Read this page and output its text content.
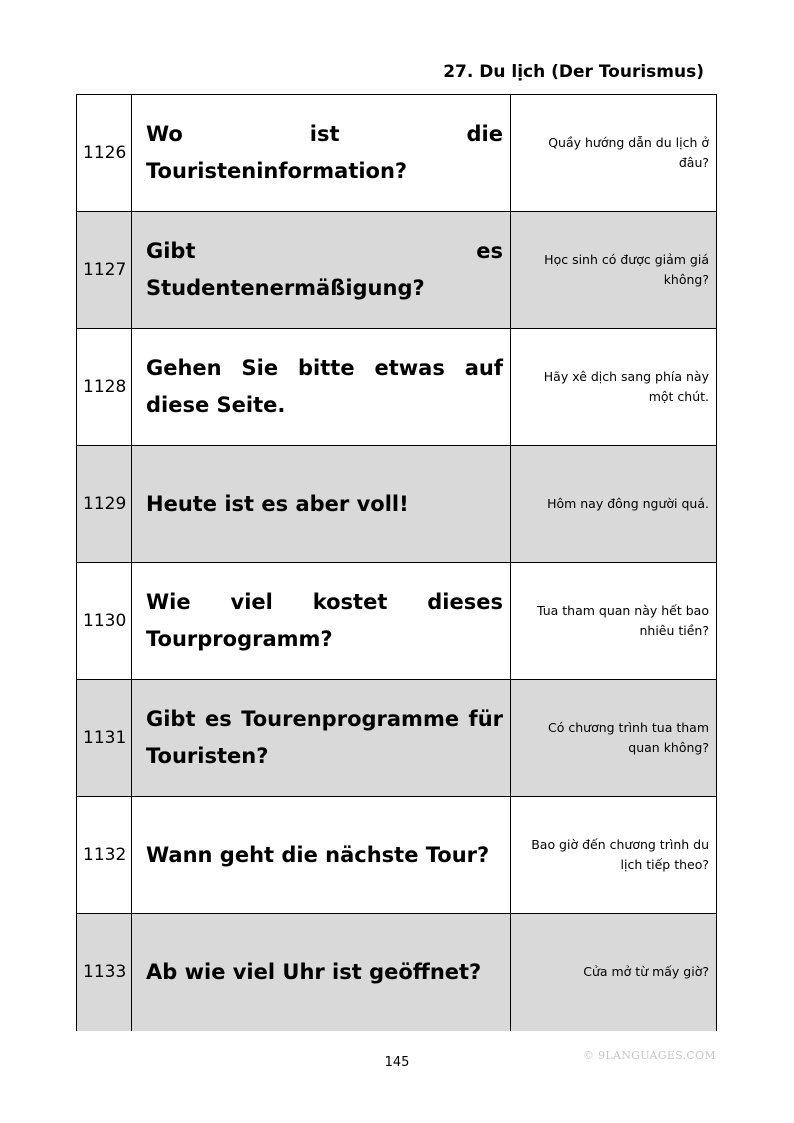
27. Du lịch (Der Tourismus)
1126	Wo ist die Touristeninformation?	Quầy hướng dẫn du lịch ở đâu?
1127	Gibt es Studentenermäßigung?	Học sinh có được giảm giá không?
1128	Gehen Sie bitte etwas auf diese Seite.	Hãy xê dịch sang phía này một chút.
1129	Heute ist es aber voll!	Hôm nay đông người quá.
1130	Wie viel kostet dieses Tourprogramm?	Tua tham quan này hết bao nhiêu tiền?
1131	Gibt es Tourenprogramme für Touristen?	Có chương trình tua tham quan không?
1132	Wann geht die nächste Tour?	Bao giờ đến chương trình du lịch tiếp theo?
1133	Ab wie viel Uhr ist geöffnet?	Cửa mở từ mấy giờ?
© 9LANGUAGES.COM
145
